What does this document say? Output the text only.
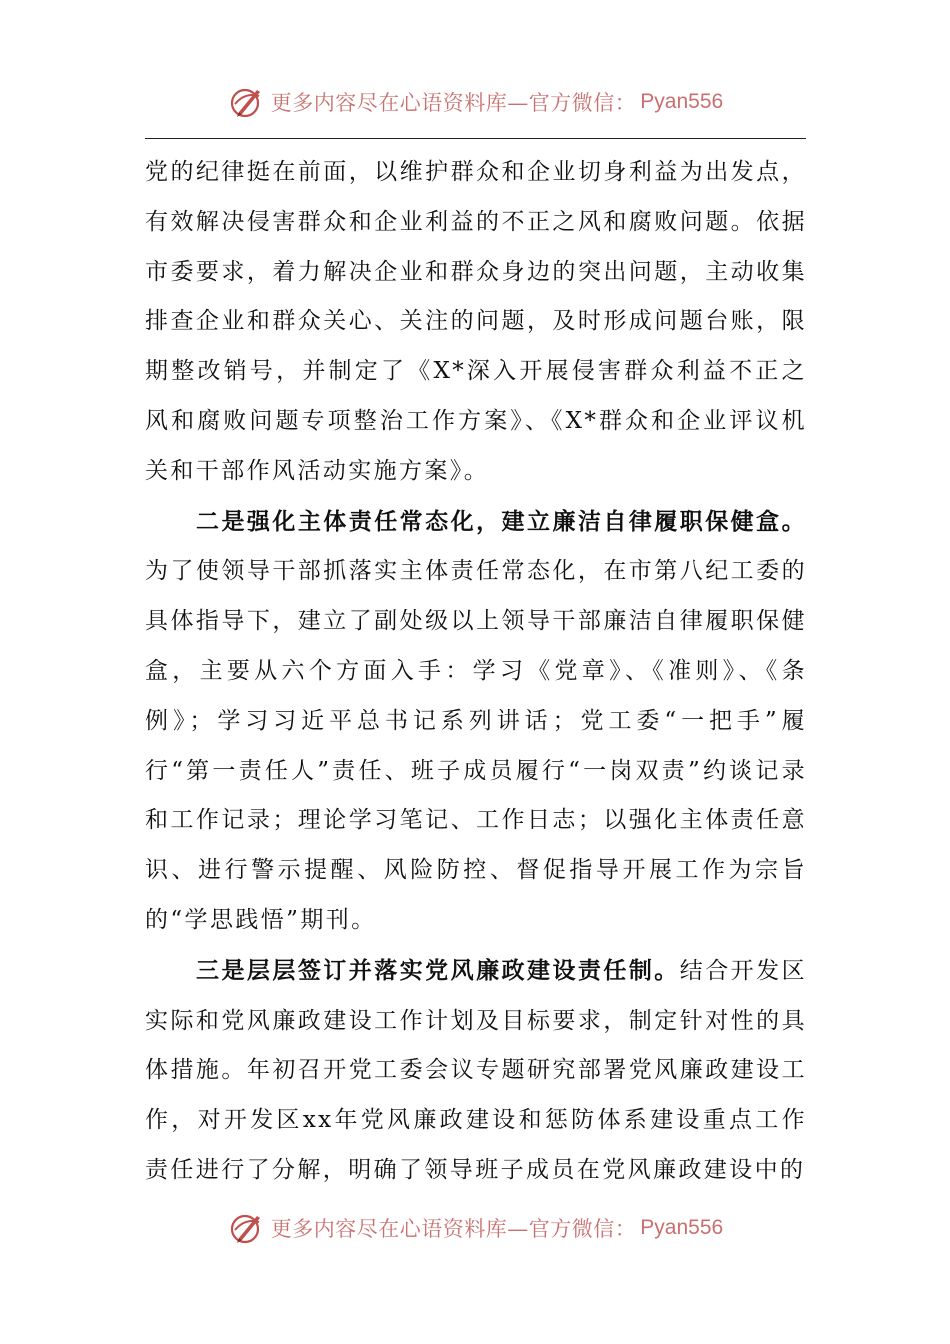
更多内容尽在心语资料库—官方微信： Pyan556

党的纪律挺在前面，以维护群众和企业切身利益为出发点，有效解决侵害群众和企业利益的不正之风和腐败问题。依据市委要求，着力解决企业和群众身边的突出问题，主动收集排查企业和群众关心、关注的问题，及时形成问题台账，限期整改销号，并制定了《X*深入开展侵害群众利益不正之风和腐败问题专项整治工作方案》、《X*群众和企业评议机关和干部作风活动实施方案》。

二是强化主体责任常态化，建立廉洁自律履职保健盒。为了使领导干部抓落实主体责任常态化，在市第八纪工委的具体指导下，建立了副处级以上领导干部廉洁自律履职保健盒，主要从六个方面入手：学习《党章》、《准则》、《条例》；学习习近平总书记系列讲话；党工委“一把手”履行“第一责任人”责任、班子成员履行“一岗双责”约谈记录和工作记录；理论学习笔记、工作日志；以强化主体责任意识、进行警示提醒、风险防控、督促指导开展工作为宗旨的“学思践悟”期刊。

三是层层签订并落实党风廉政建设责任制。结合开发区实际和党风廉政建设工作计划及目标要求，制定针对性的具体措施。年初召开党工委会议专题研究部署党风廉政建设工作，对开发区xx年党风廉政建设和惩防体系建设重点工作责任进行了分解，明确了领导班子成员在党风廉政建设中的

更多内容尽在心语资料库—官方微信： Pyan556
